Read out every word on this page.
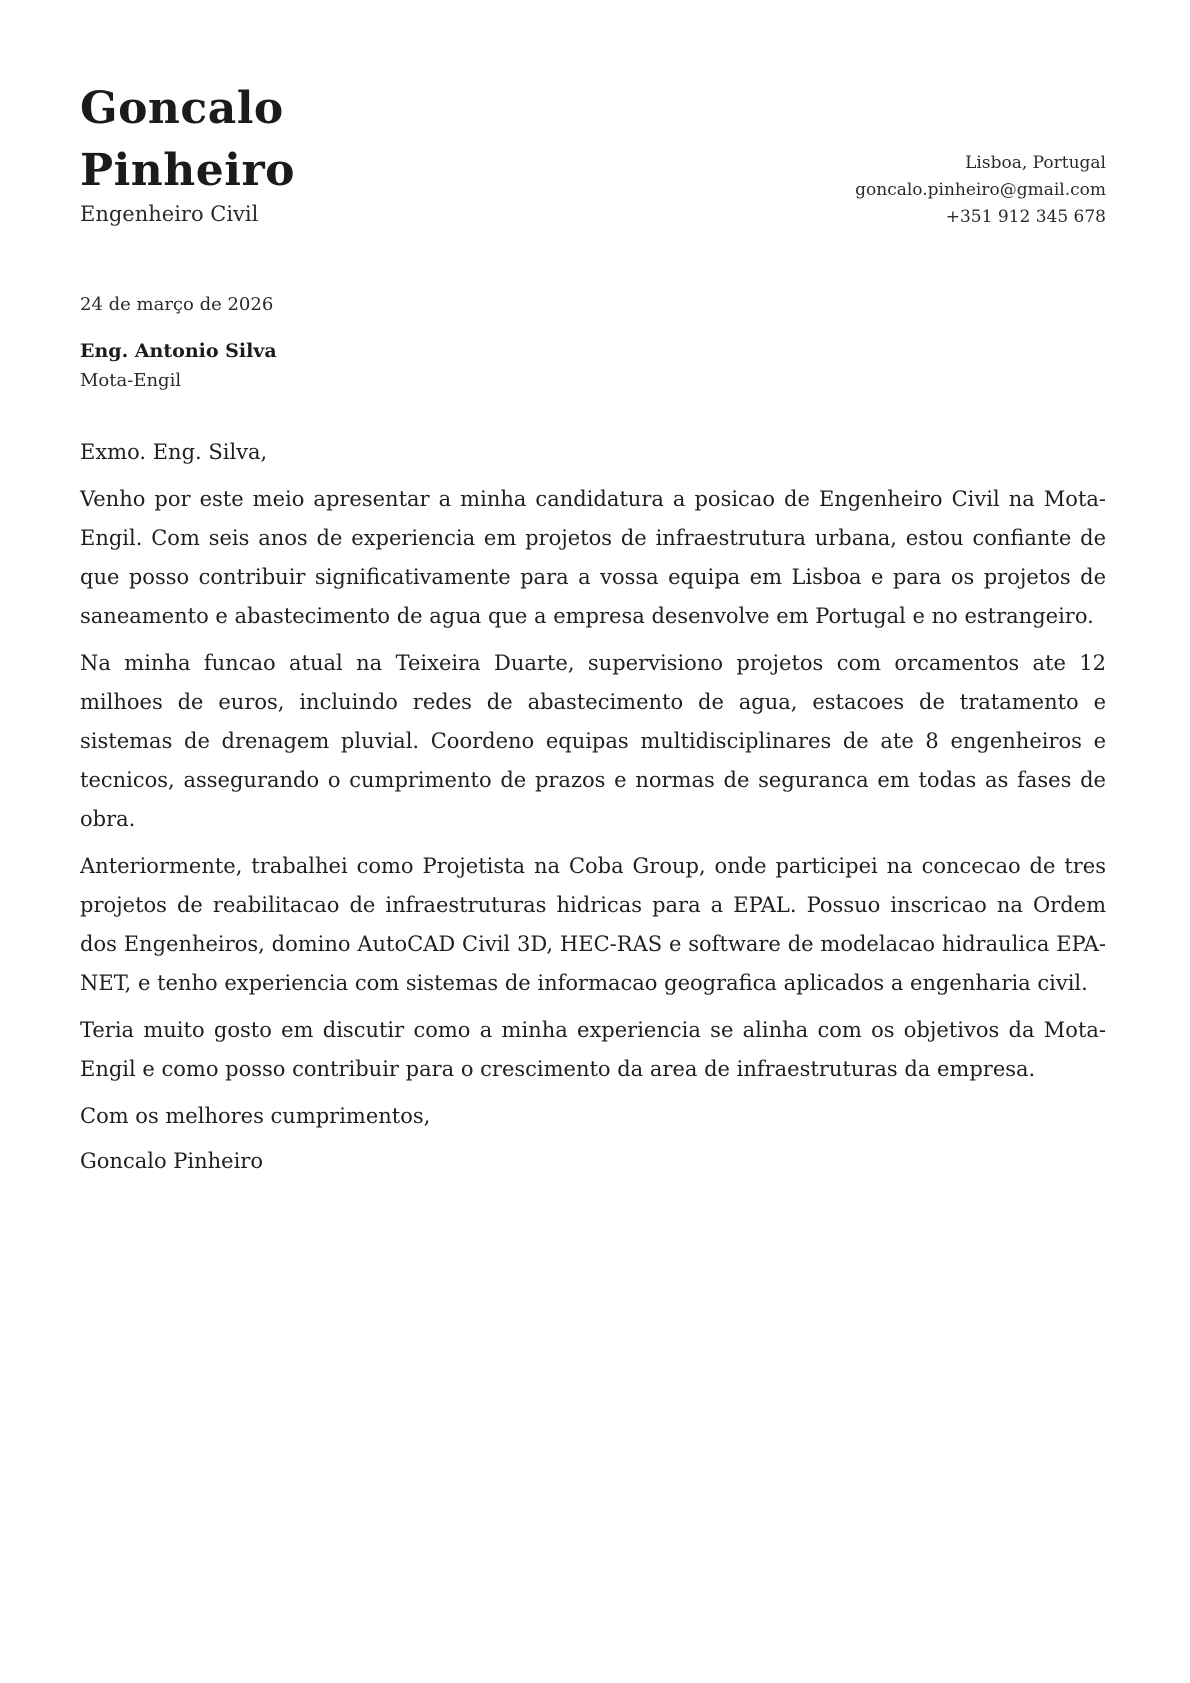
Goncalo
Pinheiro
Engenheiro Civil
Lisboa, Portugal
goncalo.pinheiro@gmail.com
+351 912 345 678
24 de março de 2026
Eng. Antonio Silva
Mota-Engil

Exmo. Eng. Silva,

Venho por este meio apresentar a minha candidatura a posicao de Engenheiro Civil na Mota-Engil. Com seis anos de experiencia em projetos de infraestrutura urbana, estou confiante de que posso contribuir significativamente para a vossa equipa em Lisboa e para os projetos de saneamento e abastecimento de agua que a empresa desenvolve em Portugal e no estrangeiro.

Na minha funcao atual na Teixeira Duarte, supervisiono projetos com orcamentos ate 12 milhoes de euros, incluindo redes de abastecimento de agua, estacoes de tratamento e sistemas de drenagem pluvial. Coordeno equipas multidisciplinares de ate 8 engenheiros e tecnicos, assegurando o cumprimento de prazos e normas de seguranca em todas as fases de obra.

Anteriormente, trabalhei como Projetista na Coba Group, onde participei na concecao de tres projetos de reabilitacao de infraestruturas hidricas para a EPAL. Possuo inscricao na Ordem dos Engenheiros, domino AutoCAD Civil 3D, HEC-RAS e software de modelacao hidraulica EPA-NET, e tenho experiencia com sistemas de informacao geografica aplicados a engenharia civil.

Teria muito gosto em discutir como a minha experiencia se alinha com os objetivos da Mota-Engil e como posso contribuir para o crescimento da area de infraestruturas da empresa.

Com os melhores cumprimentos,

Goncalo Pinheiro
